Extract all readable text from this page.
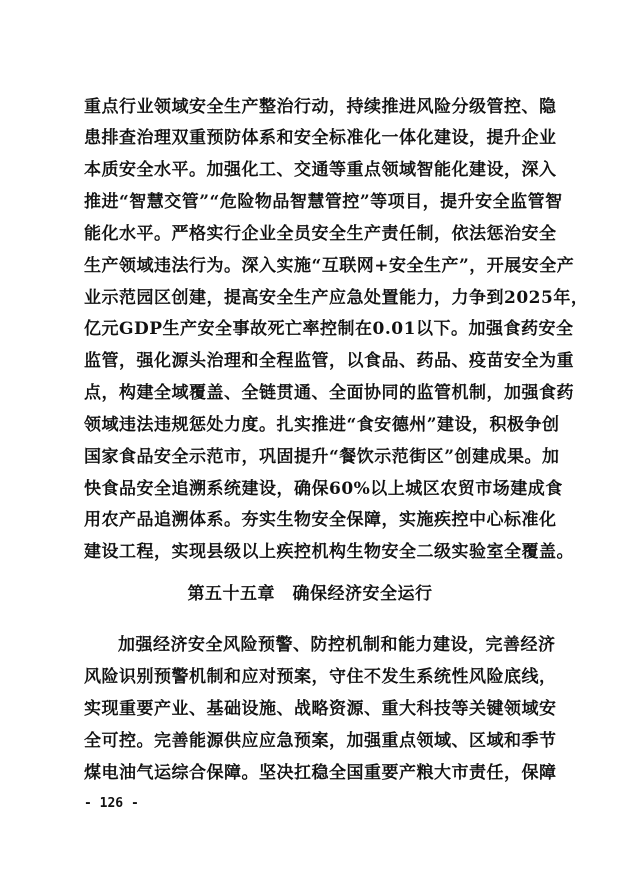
重点行业领域安全生产整治行动，持续推进风险分级管控、隐
患排查治理双重预防体系和安全标准化一体化建设，提升企业
本质安全水平。加强化工、交通等重点领域智能化建设，深入
推进“智慧交管”“危险物品智慧管控”等项目，提升安全监管智
能化水平。严格实行企业全员安全生产责任制，依法惩治安全
生产领域违法行为。深入实施“互联网+安全生产”，开展安全产
业示范园区创建，提高安全生产应急处置能力，力争到2025年，
亿元GDP生产安全事故死亡率控制在0.01以下。加强食药安全
监管，强化源头治理和全程监管，以食品、药品、疫苗安全为重
点，构建全域覆盖、全链贯通、全面协同的监管机制，加强食药
领域违法违规惩处力度。扎实推进“食安德州”建设，积极争创
国家食品安全示范市，巩固提升“餐饮示范街区”创建成果。加
快食品安全追溯系统建设，确保60%以上城区农贸市场建成食
用农产品追溯体系。夯实生物安全保障，实施疾控中心标准化
建设工程，实现县级以上疾控机构生物安全二级实验室全覆盖。
第五十五章　确保经济安全运行
加强经济安全风险预警、防控机制和能力建设，完善经济
风险识别预警机制和应对预案，守住不发生系统性风险底线，
实现重要产业、基础设施、战略资源、重大科技等关键领域安
全可控。完善能源供应应急预案，加强重点领域、区域和季节
煤电油气运综合保障。坚决扛稳全国重要产粮大市责任，保障
- 126 -
